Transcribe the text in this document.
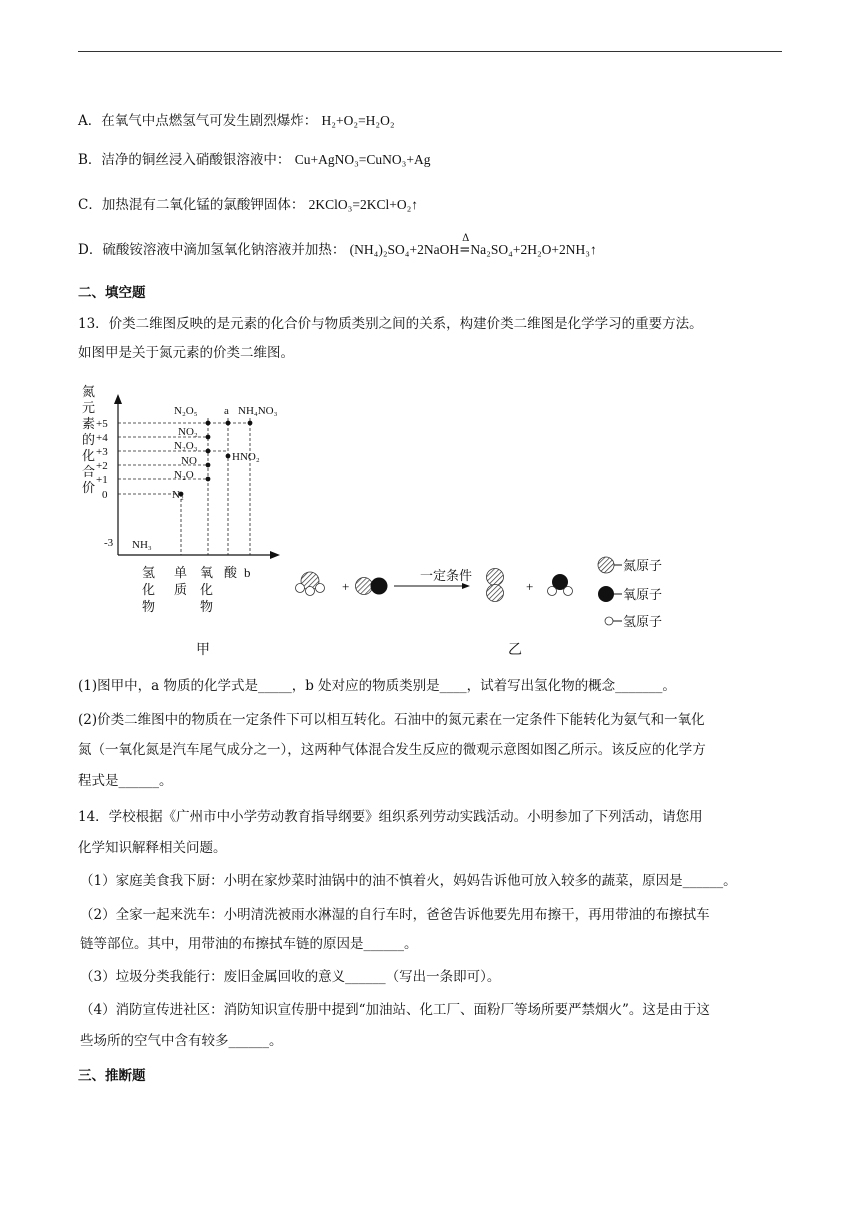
A．在氧气中点燃氢气可发生剧烈爆炸： H₂+O₂=H₂O₂
B．洁净的铜丝浸入硝酸银溶液中： Cu+AgNO₃=CuNO₃+Ag
C．加热混有二氧化锰的氯酸钾固体： 2KClO₃=2KCl+O₂↑
D．硫酸铵溶液中滴加氢氧化钠溶液并加热： (NH₄)₂SO₄+2NaOH
Δ
=Na₂SO₄+2H₂O+2NH₃↑
二、填空题
13．价类二维图反映的是元素的化合价与物质类别之间的关系，构建价类二维图是化学学习的重要方法。
如图甲是关于氮元素的价类二维图。
氮
元
素
的
化
合
价
+5
+4
+3
+2
+1
0
-3
N₂O₅ a NH₄NO₃
NO₂
N₂O₃
HNO₂
NO
N₂O
N₂
NH₃
氢
化
物
单
质
氧
化
物
酸 b
甲
+
一定条件
+
氮原子
氧原子
氢原子
乙
(1)图甲中，a 物质的化学式是_____，b 处对应的物质类别是____，试着写出氢化物的概念_______。
(2)价类二维图中的物质在一定条件下可以相互转化。石油中的氮元素在一定条件下能转化为氨气和一氧化
氮（一氧化氮是汽车尾气成分之一），这两种气体混合发生反应的微观示意图如图乙所示。该反应的化学方
程式是______。
14．学校根据《广州市中小学劳动教育指导纲要》组织系列劳动实践活动。小明参加了下列活动，请您用
化学知识解释相关问题。
（1）家庭美食我下厨：小明在家炒菜时油锅中的油不慎着火，妈妈告诉他可放入较多的蔬菜，原因是______。
（2）全家一起来洗车：小明清洗被雨水淋湿的自行车时，爸爸告诉他要先用布擦干，再用带油的布擦拭车
链等部位。其中，用带油的布擦拭车链的原因是______。
（3）垃圾分类我能行：废旧金属回收的意义______（写出一条即可）。
（4）消防宣传进社区：消防知识宣传册中提到“加油站、化工厂、面粉厂等场所要严禁烟火”。这是由于这
些场所的空气中含有较多______。
三、推断题
